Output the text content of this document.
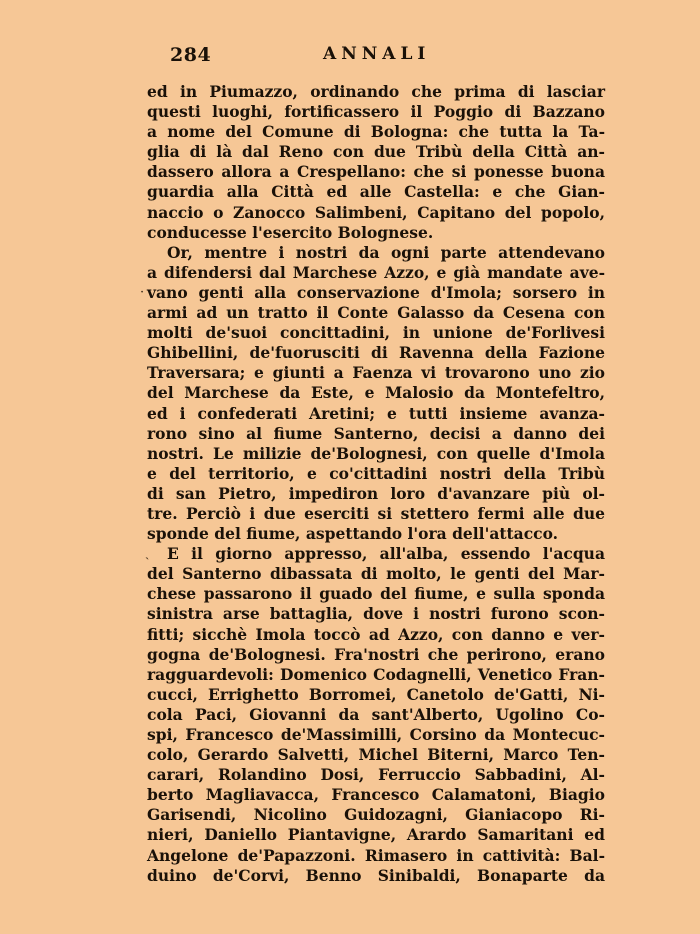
284	ANNALI
ed in Piumazzo, ordinando che prima di lasciar
questi luoghi, fortificassero il Poggio di Bazzano
a nome del Comune di Bologna: che tutta la Ta-
glia di là dal Reno con due Tribù della Città an-
dassero allora a Crespellano: che si ponesse buona
guardia alla Città ed alle Castella: e che Gian-
naccio o Zanocco Salimbeni, Capitano del popolo,
conducesse l'esercito Bolognese.
Or, mentre i nostri da ogni parte attendevano
a difendersi dal Marchese Azzo, e già mandate ave-
vano genti alla conservazione d'Imola; sorsero in
armi ad un tratto il Conte Galasso da Cesena con
molti de'suoi concittadini, in unione de'Forlivesi
Ghibellini, de'fuorusciti di Ravenna della Fazione
Traversara; e giunti a Faenza vi trovarono uno zio
del Marchese da Este, e Malosio da Montefeltro,
ed i confederati Aretini; e tutti insieme avanza-
rono sino al fiume Santerno, decisi a danno dei
nostri. Le milizie de'Bolognesi, con quelle d'Imola
e del territorio, e co'cittadini nostri della Tribù
di san Pietro, impediron loro d'avanzare più ol-
tre. Perciò i due eserciti si stettero fermi alle due
sponde del fiume, aspettando l'ora dell'attacco.
E il giorno appresso, all'alba, essendo l'acqua
del Santerno dibassata di molto, le genti del Mar-
chese passarono il guado del fiume, e sulla sponda
sinistra arse battaglia, dove i nostri furono scon-
fitti; sicchè Imola toccò ad Azzo, con danno e ver-
gogna de'Bolognesi. Fra'nostri che perirono, erano
ragguardevoli: Domenico Codagnelli, Venetico Fran-
cucci, Errighetto Borromei, Canetolo de'Gatti, Ni-
cola Paci, Giovanni da sant'Alberto, Ugolino Co-
spi, Francesco de'Massimilli, Corsino da Montecuc-
colo, Gerardo Salvetti, Michel Biterni, Marco Ten-
carari, Rolandino Dosi, Ferruccio Sabbadini, Al-
berto Magliavacca, Francesco Calamatoni, Biagio
Garisendi, Nicolino Guidozagni, Gianiacopo Ri-
nieri, Daniello Piantavigne, Arardo Samaritani ed
Angelone de'Papazzoni. Rimasero in cattività: Bal-
duino de'Corvi, Benno Sinibaldi, Bonaparte da
·
ˎ
